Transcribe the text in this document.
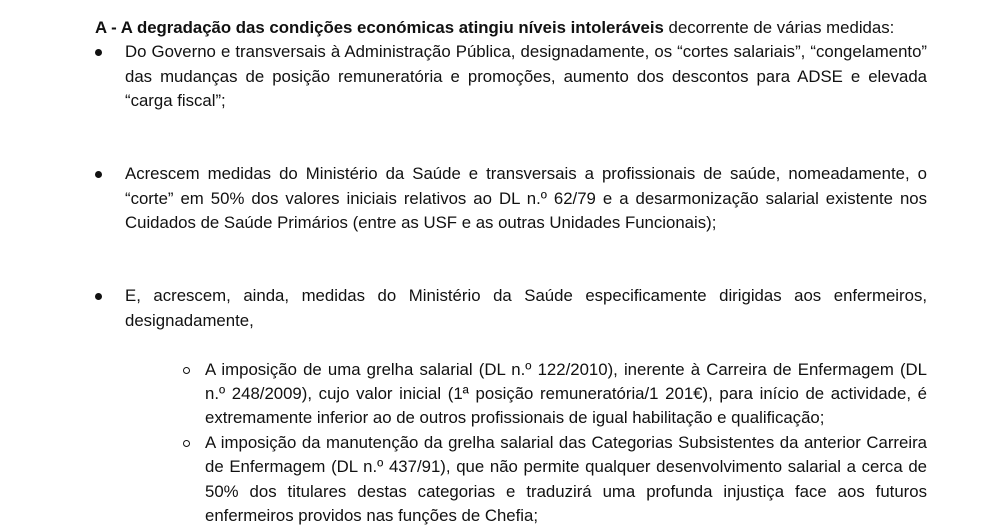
A - A degradação das condições económicas atingiu níveis intoleráveis decorrente de várias medidas:

Do Governo e transversais à Administração Pública, designadamente, os “cortes salariais”, “congelamento” das mudanças de posição remuneratória e promoções, aumento dos descontos para ADSE e elevada “carga fiscal”;

Acrescem medidas do Ministério da Saúde e transversais a profissionais de saúde, nomeadamente, o “corte” em 50% dos valores iniciais relativos ao DL n.º 62/79 e a desarmonização salarial existente nos Cuidados de Saúde Primários (entre as USF e as outras Unidades Funcionais);

E, acrescem, ainda, medidas do Ministério da Saúde especificamente dirigidas aos enfermeiros, designadamente,

A imposição de uma grelha salarial (DL n.º 122/2010), inerente à Carreira de Enfermagem (DL n.º 248/2009), cujo valor inicial (1ª posição remuneratória/1 201€), para início de actividade, é extremamente inferior ao de outros profissionais de igual habilitação e qualificação;

A imposição da manutenção da grelha salarial das Categorias Subsistentes da anterior Carreira de Enfermagem (DL n.º 437/91), que não permite qualquer desenvolvimento salarial a cerca de 50% dos titulares destas categorias e traduzirá uma profunda injustiça face aos futuros enfermeiros providos nas funções de Chefia;
